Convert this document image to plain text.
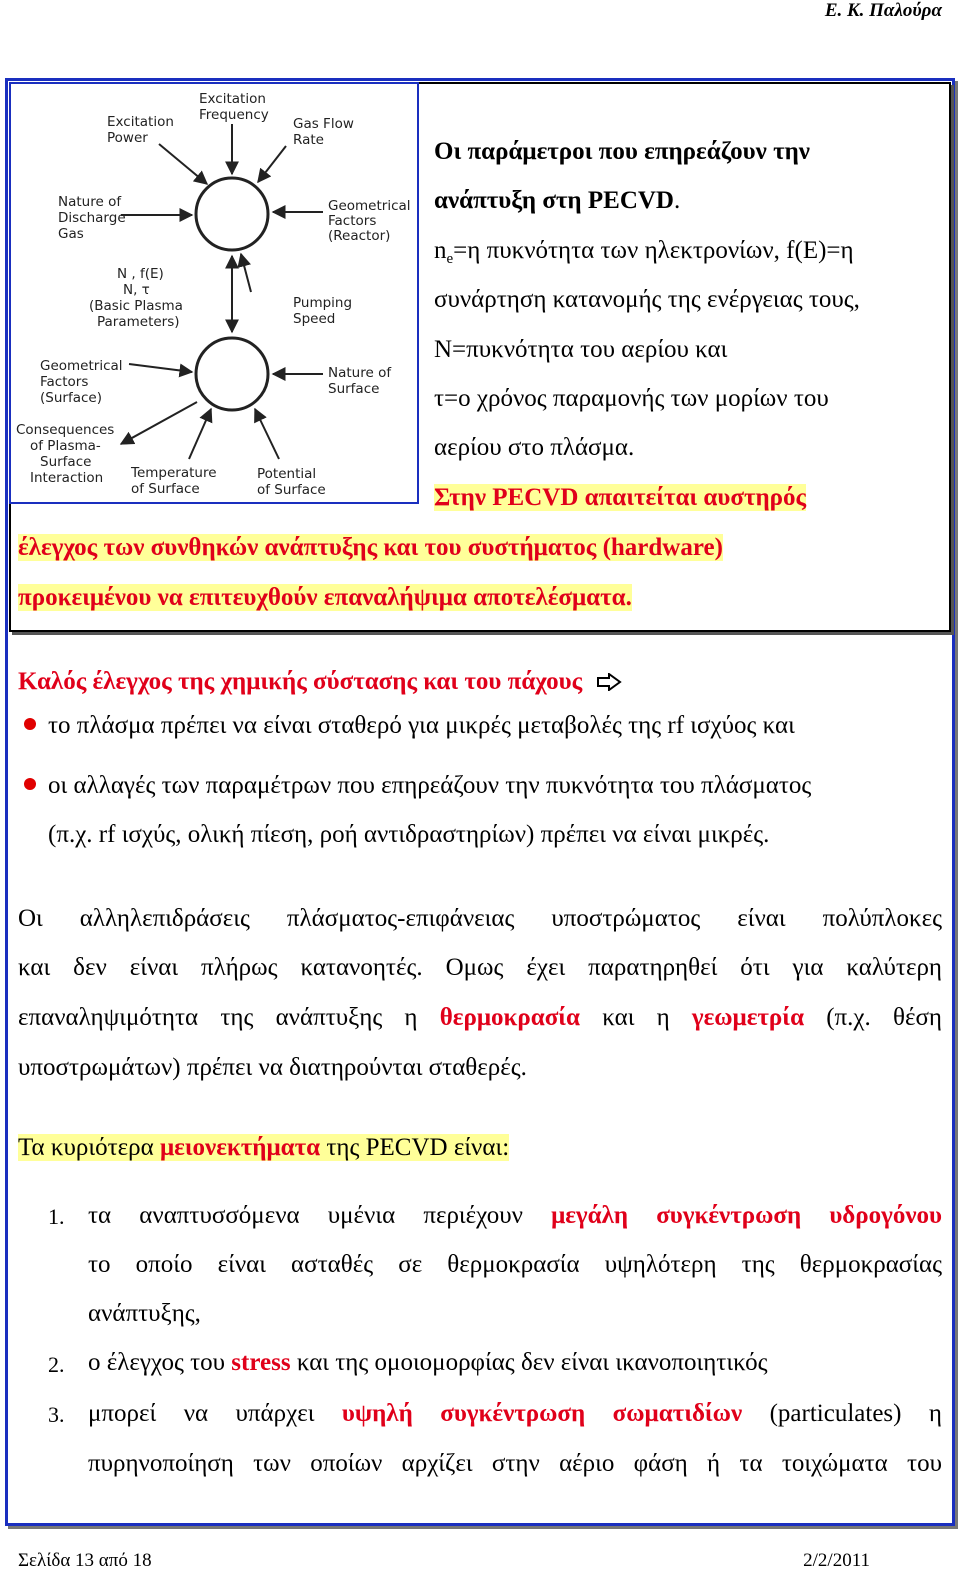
Ε. Κ. Παλούρα
Excitation
Frequency
Excitation
Power
Gas Flow
Rate
Nature of
Discharge
Gas
Geometrical
Factors
(Reactor)
N , f(E)
N, τ
(Basic Plasma
Parameters)
Pumping
Speed
Geometrical
Factors
(Surface)
Nature of
Surface
Consequences
of Plasma-
Surface
Interaction Temperature
of Surface
Potential
of Surface
Οι παράμετροι που επηρεάζουν την
ανάπτυξη στη PECVD.
$n_e=\eta$ πυκνότητα των ηλεκτρονίων, f(E)=η
συνάρτηση κατανομής της ενέργειας τους,
N=πυκνότητα του αερίου και
τ=ο χρόνος παραμονής των μορίων του
αερίου στο πλάσμα.
Στην PECVD απαιτείται αυστηρός
έλεγχος των συνθηκών ανάπτυξης και του συστήματος (hardware)
προκειμένου να επιτευχθούν επαναλήψιμα αποτελέσματα.
Καλός έλεγχος της χημικής σύστασης και του πάχους
το πλάσμα πρέπει να είναι σταθερό για μικρές μεταβολές της rf ισχύος και
οι αλλαγές των παραμέτρων που επηρεάζουν την πυκνότητα του πλάσματος
(π.χ. rf ισχύς, ολική πίεση, ροή αντιδραστηρίων) πρέπει να είναι μικρές.
Οι αλληλεπιδράσεις πλάσματος-επιφάνειας υποστρώματος είναι πολύπλοκες
και δεν είναι πλήρως κατανοητές. Ομως έχει παρατηρηθεί ότι για καλύτερη
επαναληψιμότητα της ανάπτυξης η θερμοκρασία και η γεωμετρία (π.χ. θέση
υποστρωμάτων) πρέπει να διατηρούνται σταθερές.
Τα κυριότερα μειονεκτήματα της PECVD είναι:
1. τα αναπτυσσόμενα υμένια περιέχουν μεγάλη συγκέντρωση υδρογόνου
το οποίο είναι ασταθές σε θερμοκρασία υψηλότερη της θερμοκρασίας
ανάπτυξης,
2. ο έλεγχος του stress και της ομοιομορφίας δεν είναι ικανοποιητικός
3. μπορεί να υπάρχει υψηλή συγκέντρωση σωματιδίων (particulates) η
πυρηνοποίηση των οποίων αρχίζει στην αέριο φάση ή τα τοιχώματα του
Σελίδα 13 από 18	2/2/2011
